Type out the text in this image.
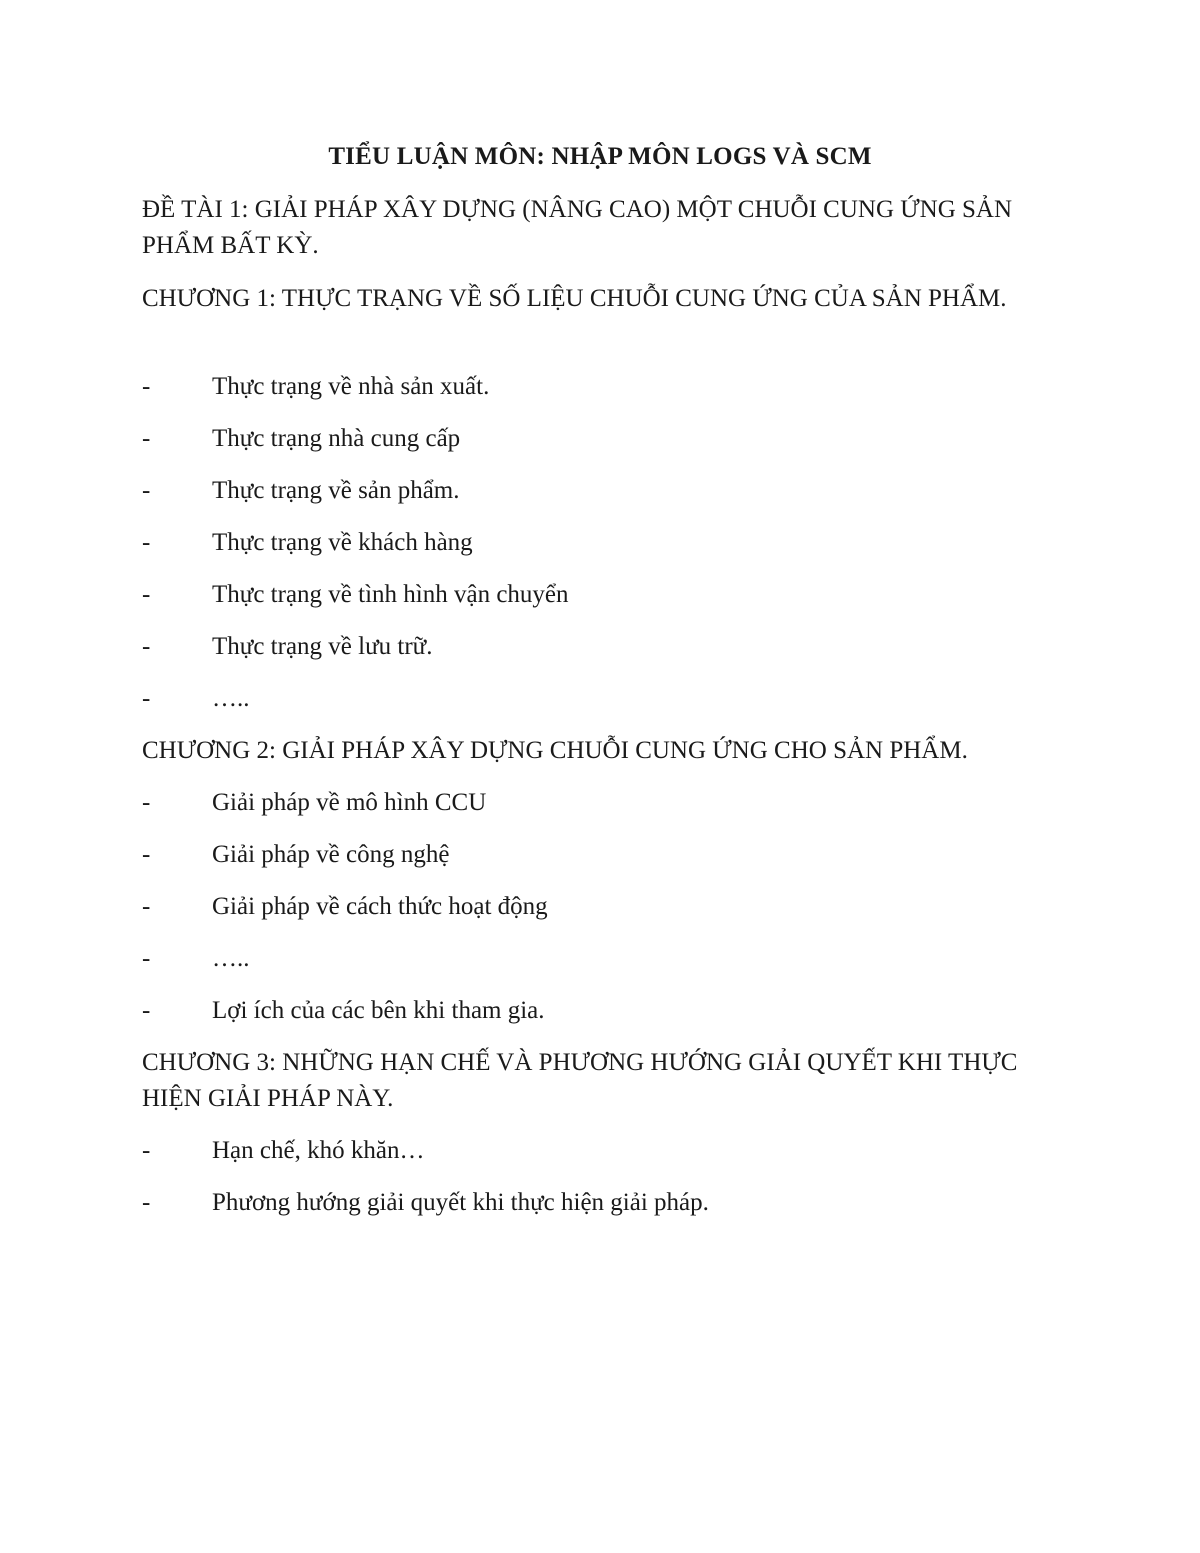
TIỂU LUẬN MÔN: NHẬP MÔN LOGS VÀ SCM
ĐỀ TÀI 1: GIẢI PHÁP XÂY DỰNG (NÂNG CAO) MỘT CHUỖI CUNG ỨNG SẢN PHẨM BẤT KỲ.
CHƯƠNG 1: THỰC TRẠNG VỀ SỐ LIỆU CHUỖI CUNG ỨNG CỦA SẢN PHẨM.
- Thực trạng về nhà sản xuất.
- Thực trạng nhà cung cấp
- Thực trạng về sản phẩm.
- Thực trạng về khách hàng
- Thực trạng về tình hình vận chuyển
- Thực trạng về lưu trữ.
- …..
CHƯƠNG 2: GIẢI PHÁP XÂY DỰNG CHUỖI CUNG ỨNG CHO SẢN PHẨM.
- Giải pháp về mô hình CCU
- Giải pháp về công nghệ
- Giải pháp về cách thức hoạt động
- …..
- Lợi ích của các bên khi tham gia.
CHƯƠNG 3: NHỮNG HẠN CHẾ VÀ PHƯƠNG HƯỚNG GIẢI QUYẾT KHI THỰC HIỆN GIẢI PHÁP NÀY.
- Hạn chế, khó khăn…
- Phương hướng giải quyết khi thực hiện giải pháp.
